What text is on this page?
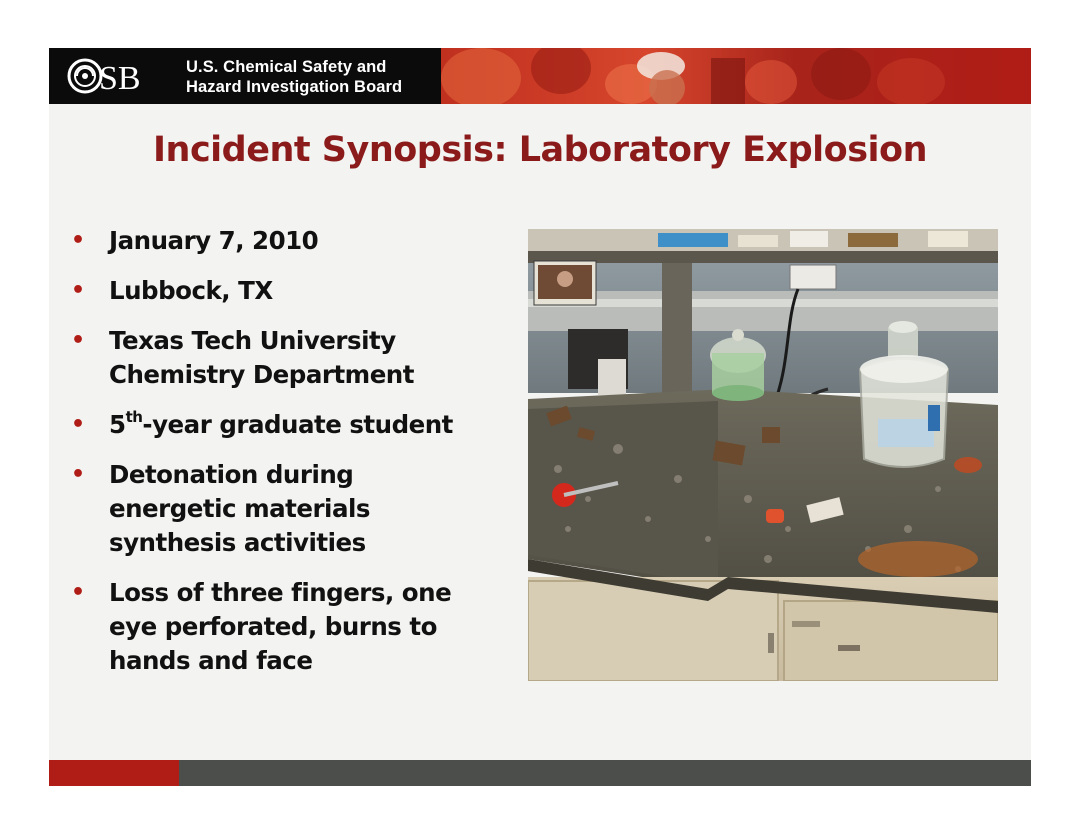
SB	U.S. Chemical Safety and
Hazard Investigation Board
Incident Synopsis: Laboratory Explosion
• January 7, 2010
• Lubbock, TX
• Texas Tech University
Chemistry Department
• 5th-year graduate student
• Detonation during
energetic materials
synthesis activities
• Loss of three fingers, one
eye perforated, burns to
hands and face
